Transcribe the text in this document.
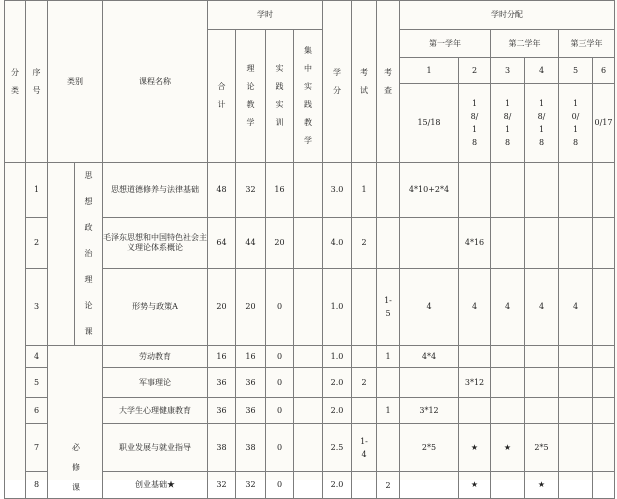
分类	序号	类别		课程名称	学时				学分	考试	考查	学时分配					
					合计	理论教学	实践实训	集中实践教学				第一学年		第二学年		第三学年	
												1	2	3	4	5	6
												15/18	18/18	18/18	18/18	10/18	0/17
	1		思想政治理论课	思想道德修养与法律基础	48	32	16		3.0	1		4*10+2*4					
	2			毛泽东思想和中国特色社会主义理论体系概论	64	44	20		4.0	2			4*16				
	3			形势与政策A	20	20	0		1.0		1-5	4	4	4	4	4	
	4	必修课		劳动教育	16	16	0		1.0		1	4*4					
	5			军事理论	36	36	0		2.0	2			3*12				
	6			大学生心理健康教育	36	36	0		2.0		1	3*12					
	7			职业发展与就业指导	38	38	0		2.5	1-4		2*5	★	★	2*5		
	8			创业基础★	32	32	0		2.0		2		★		★		
